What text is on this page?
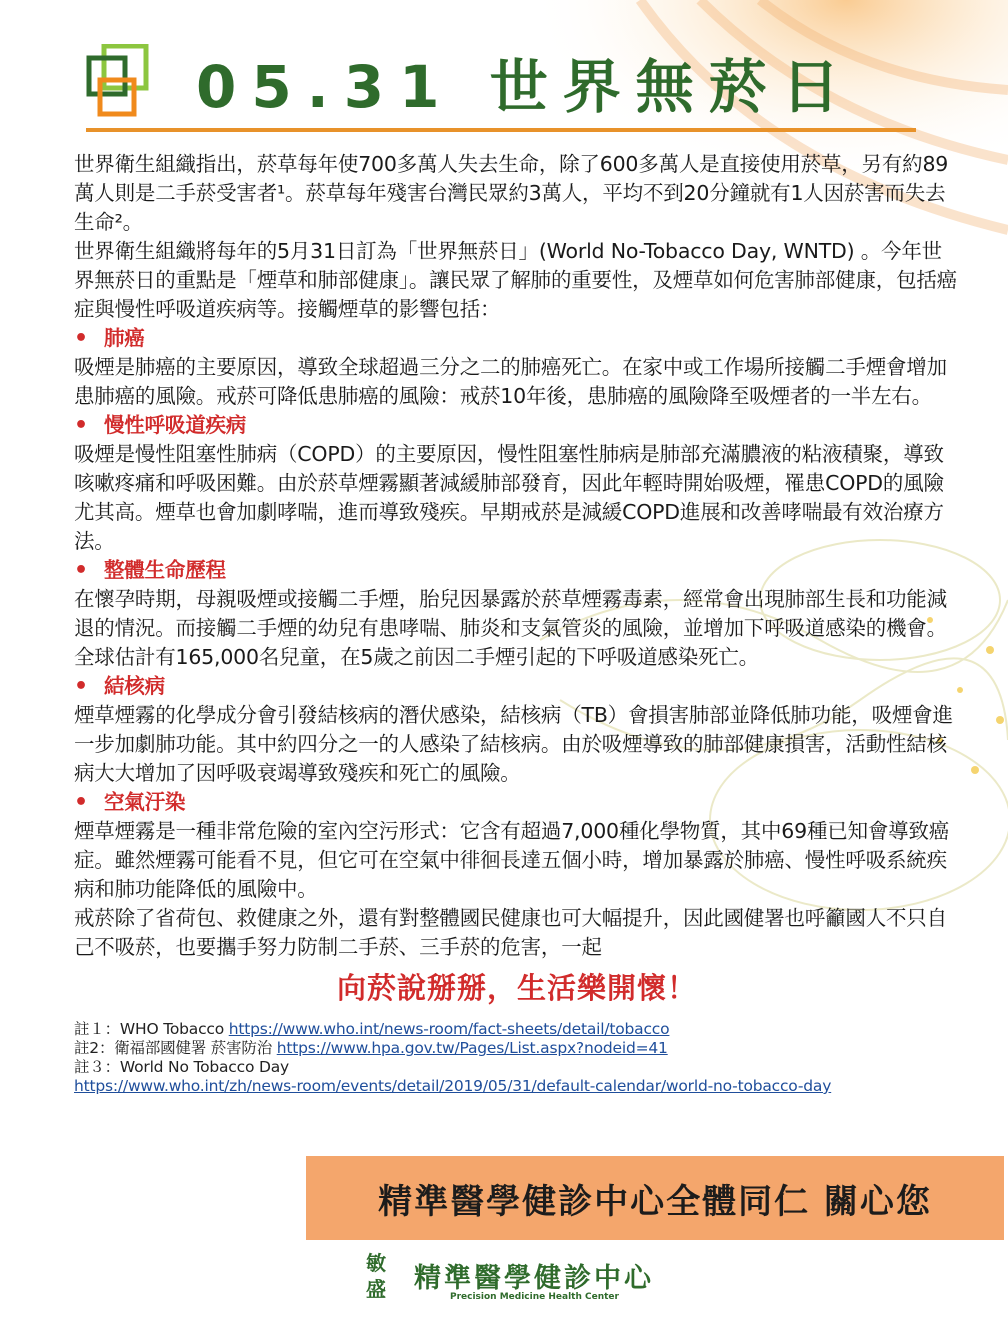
05.31 世界無菸日

世界衛生組織指出，菸草每年使700多萬人失去生命，除了600多萬人是直接使用菸草，另有約89萬人則是二手菸受害者¹。菸草每年殘害台灣民眾約3萬人，平均不到20分鐘就有1人因菸害而失去生命²。

世界衛生組織將每年的5月31日訂為「世界無菸日」(World No-Tobacco Day, WNTD) 。今年世界無菸日的重點是「煙草和肺部健康」。讓民眾了解肺的重要性，及煙草如何危害肺部健康，包括癌症與慢性呼吸道疾病等。接觸煙草的影響包括：

• 肺癌

吸煙是肺癌的主要原因，導致全球超過三分之二的肺癌死亡。在家中或工作場所接觸二手煙會增加患肺癌的風險。戒菸可降低患肺癌的風險：戒菸10年後，患肺癌的風險降至吸煙者的一半左右。

• 慢性呼吸道疾病

吸煙是慢性阻塞性肺病（COPD）的主要原因，慢性阻塞性肺病是肺部充滿膿液的粘液積聚，導致咳嗽疼痛和呼吸困難。由於菸草煙霧顯著減緩肺部發育，因此年輕時開始吸煙，罹患COPD的風險尤其高。煙草也會加劇哮喘，進而導致殘疾。早期戒菸是減緩COPD進展和改善哮喘最有效治療方法。

• 整體生命歷程

在懷孕時期，母親吸煙或接觸二手煙，胎兒因暴露於菸草煙霧毒素，經常會出現肺部生長和功能減退的情況。而接觸二手煙的幼兒有患哮喘、肺炎和支氣管炎的風險，並增加下呼吸道感染的機會。全球估計有165,000名兒童，在5歲之前因二手煙引起的下呼吸道感染死亡。

• 結核病

煙草煙霧的化學成分會引發結核病的潛伏感染，結核病（TB）會損害肺部並降低肺功能，吸煙會進一步加劇肺功能。其中約四分之一的人感染了結核病。由於吸煙導致的肺部健康損害，活動性結核病大大增加了因呼吸衰竭導致殘疾和死亡的風險。

• 空氣汙染

煙草煙霧是一種非常危險的室內空污形式：它含有超過7,000種化學物質，其中69種已知會導致癌症。雖然煙霧可能看不見，但它可在空氣中徘徊長達五個小時，增加暴露於肺癌、慢性呼吸系統疾病和肺功能降低的風險中。

戒菸除了省荷包、救健康之外，還有對整體國民健康也可大幅提升，因此國健署也呼籲國人不只自己不吸菸，也要攜手努力防制二手菸、三手菸的危害，一起

向菸說掰掰，生活樂開懷！

註１：WHO Tobacco https://www.who.int/news-room/fact-sheets/detail/tobacco

註2：衛福部國健署 菸害防治 https://www.hpa.gov.tw/Pages/List.aspx?nodeid=41

註３：World No Tobacco Day

https://www.who.int/zh/news-room/events/detail/2019/05/31/default-calendar/world-no-tobacco-day

精準醫學健診中心全體同仁 關心您
敏盛	精準醫學健診中心
Precision Medicine Health Center
